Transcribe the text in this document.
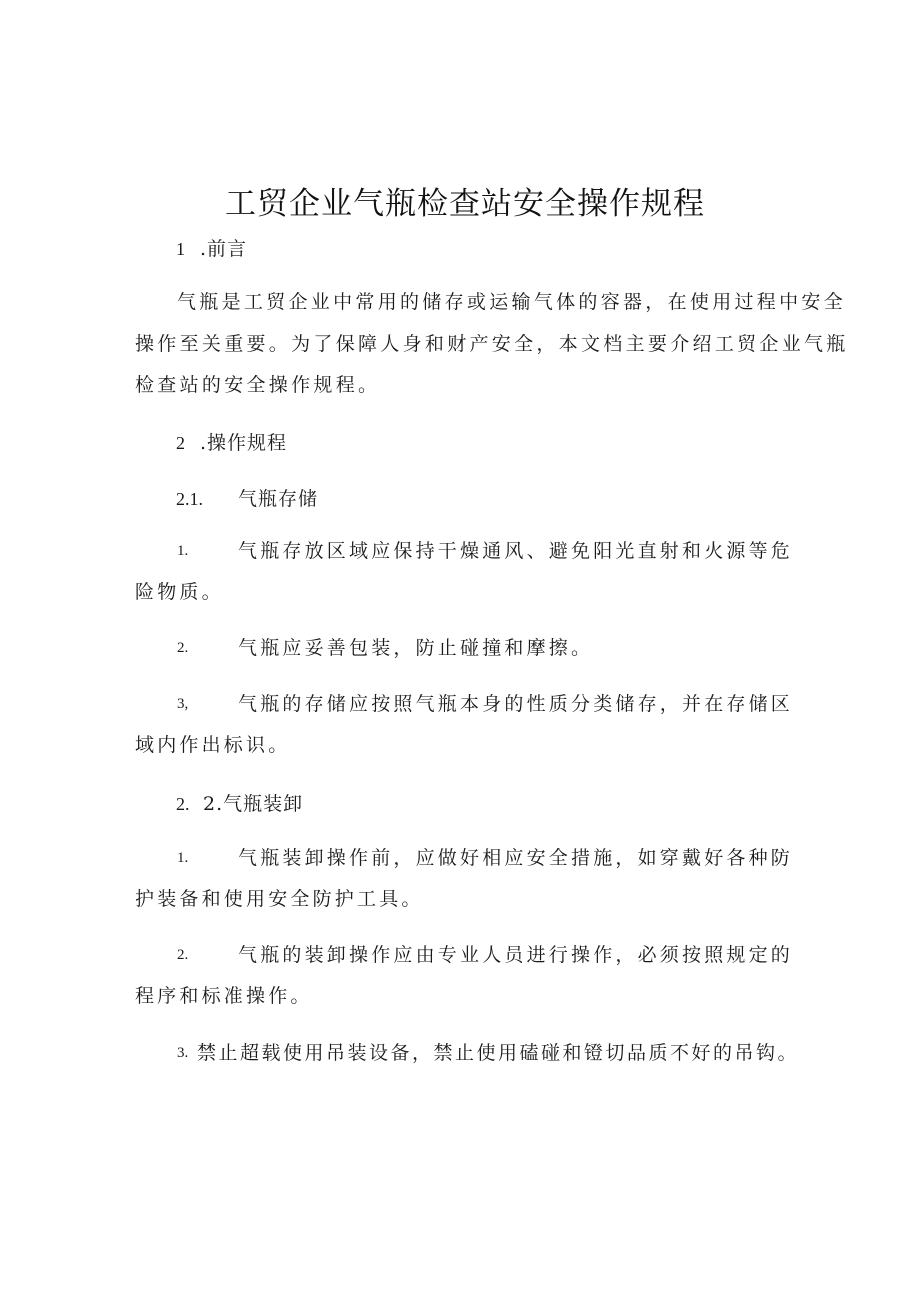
工贸企业气瓶检查站安全操作规程
1 .前言
气瓶是工贸企业中常用的储存或运输气体的容器，在使用过程中安全
操作至关重要。为了保障人身和财产安全，本文档主要介绍工贸企业气瓶
检查站的安全操作规程。
2 .操作规程
2.1. 气瓶存储
1.	气瓶存放区域应保持干燥通风、避免阳光直射和火源等危
险物质。
2.	气瓶应妥善包装，防止碰撞和摩擦。
3,	气瓶的存储应按照气瓶本身的性质分类储存，并在存储区
域内作出标识。
2. 2.气瓶装卸
1.	气瓶装卸操作前，应做好相应安全措施，如穿戴好各种防
护装备和使用安全防护工具。
2.	气瓶的装卸操作应由专业人员进行操作，必须按照规定的
程序和标准操作。
3. 禁止超载使用吊装设备，禁止使用磕碰和镫切品质不好的吊钩。
